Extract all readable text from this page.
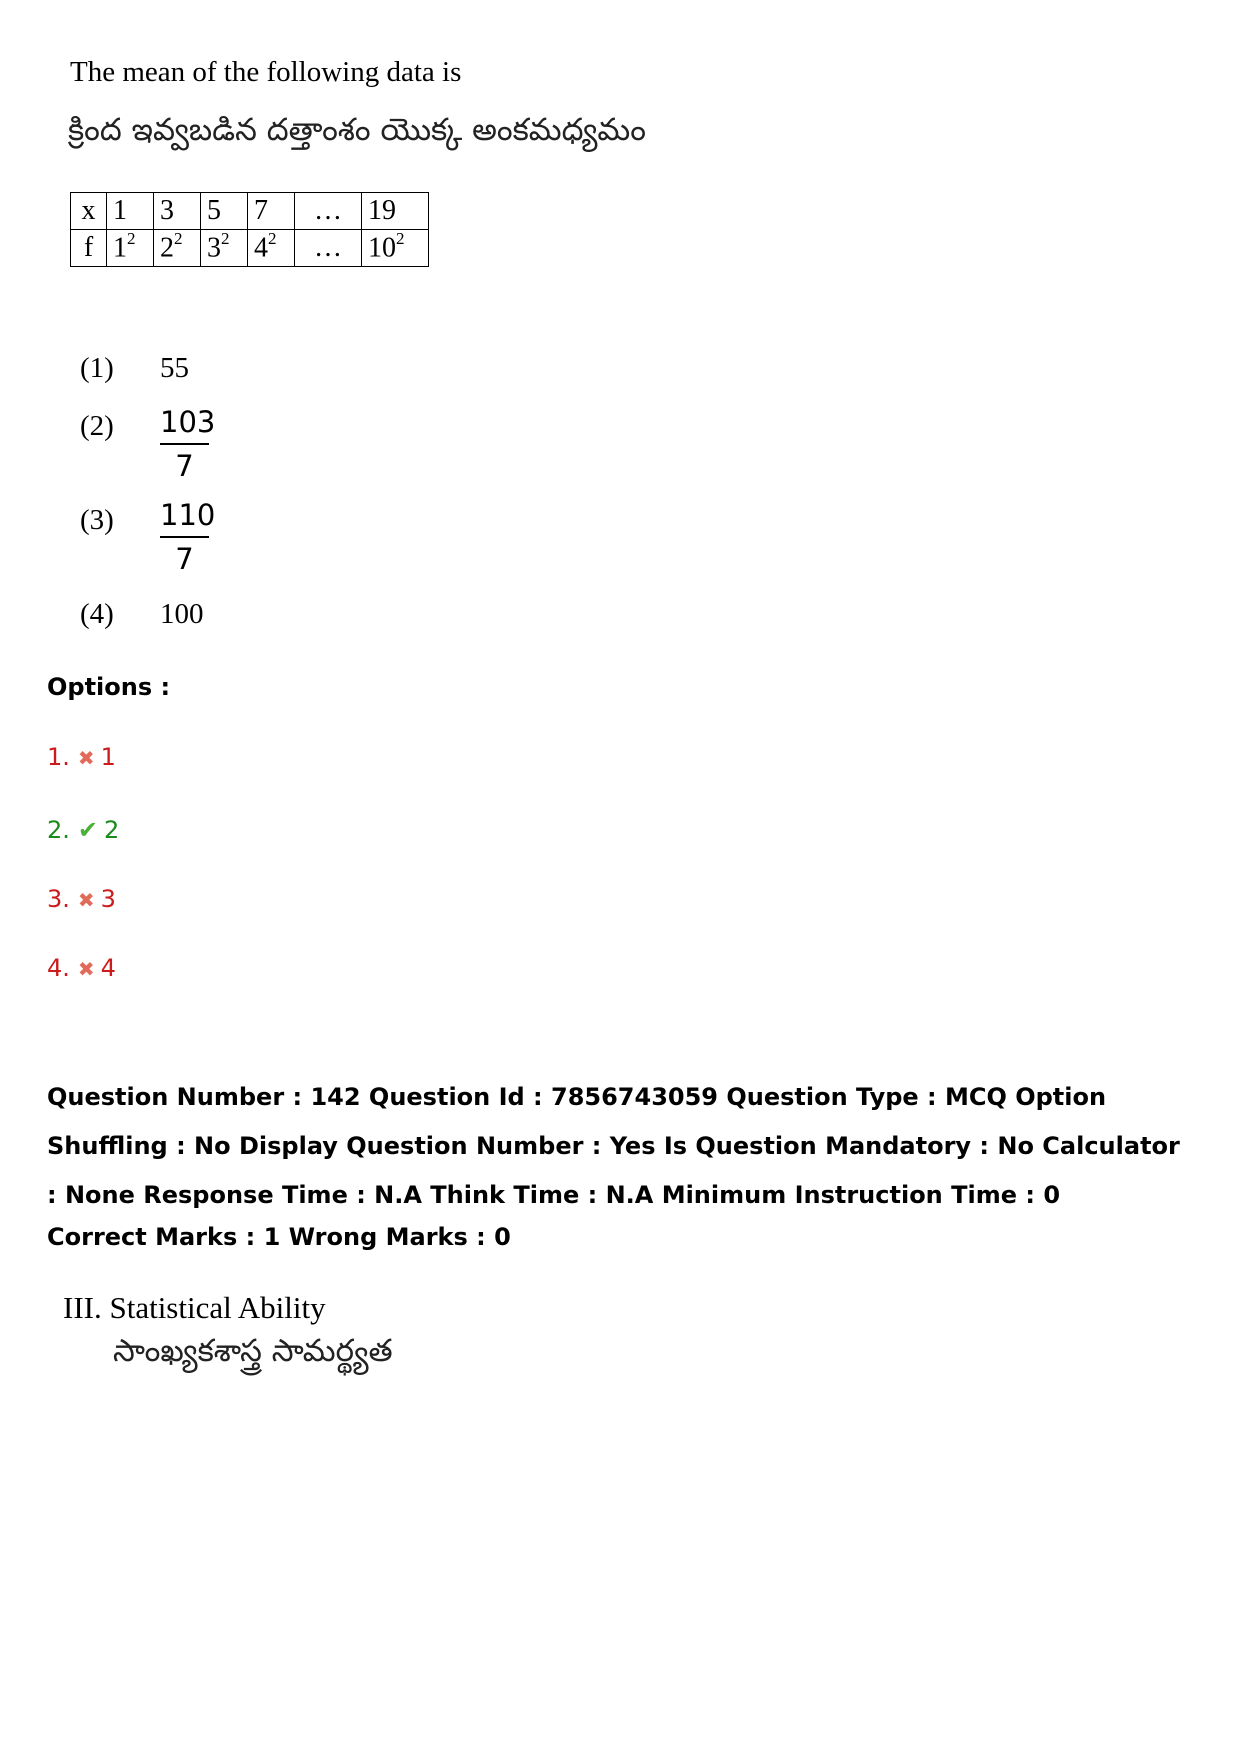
The mean of the following data is
క్రింద ఇవ్వబడిన దత్తాంశం యొక్క అంకమధ్యమం
x	1	3	5	7	…	19
f	$1^2$	$2^2$	$3^2$	$4^2$	…	$10^2$
(1) 55
$(2) \frac{103}{7}$
$(3) \frac{110}{7}$
(4) 100
Options :
1. ✖ 1
2. ✔ 2
3. ✖ 3
4. ✖ 4
Question Number : 142 Question Id : 7856743059 Question Type : MCQ Option Shuffling : No Display Question Number : Yes Is Question Mandatory : No Calculator : None Response Time : N.A Think Time : N.A Minimum Instruction Time : 0
Correct Marks : 1 Wrong Marks : 0
III. Statistical Ability
సాంఖ్యకశాస్త్ర సామర్థ్యత
